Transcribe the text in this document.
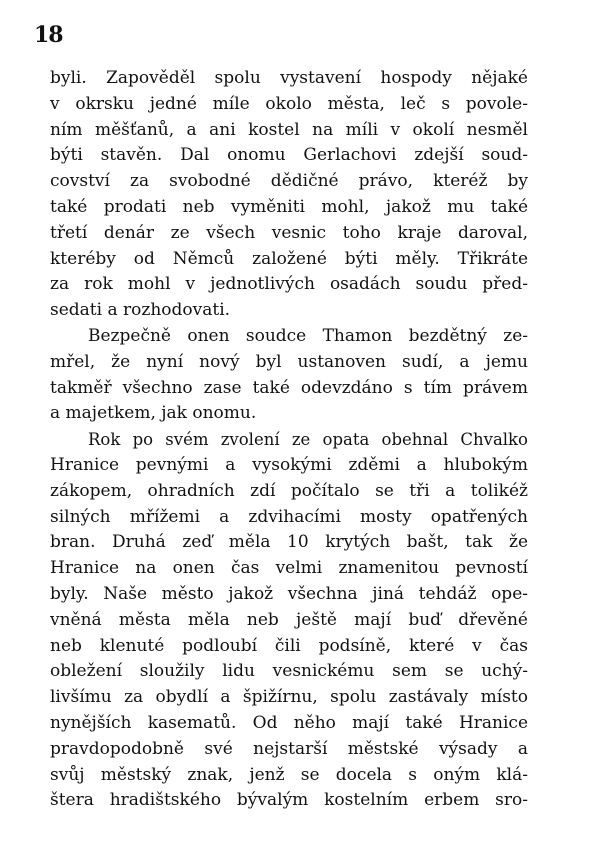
18
byli. Zapověděl spolu vystavení hospody nějaké
v okrsku jedné míle okolo města, leč s povole-
ním měšťanů, a ani kostel na míli v okolí nesměl
býti stavěn. Dal onomu Gerlachovi zdejší soud-
covství za svobodné dědičné právo, kteréž by
také prodati neb vyměniti mohl, jakož mu také
třetí denár ze všech vesnic toho kraje daroval,
kteréby od Němců založené býti měly. Třikráte
za rok mohl v jednotlivých osadách soudu před-
sedati a rozhodovati.
Bezpečně onen soudce Thamon bezdětný ze-
mřel, že nyní nový byl ustanoven sudí, a jemu
takměř všechno zase také odevzdáno s tím právem
a majetkem, jak onomu.
Rok po svém zvolení ze opata obehnal Chvalko
Hranice pevnými a vysokými zděmi a hlubokým
zákopem, ohradních zdí počítalo se tři a tolikéž
silných mřížemi a zdvihacími mosty opatřených
bran. Druhá zeď měla 10 krytých bašt, tak že
Hranice na onen čas velmi znamenitou pevností
byly. Naše město jakož všechna jiná tehdáž ope-
vněná města měla neb ještě mají buď dřevěné
neb klenuté podloubí čili podsíně, které v čas
obležení sloužily lidu vesnickému sem se uchý-
livšímu za obydlí a špižírnu, spolu zastávaly místo
nynějších kasematů. Od něho mají také Hranice
pravdopodobně své nejstarší městské výsady a
svůj městský znak, jenž se docela s oným klá-
štera hradištského bývalým kostelním erbem sro-
